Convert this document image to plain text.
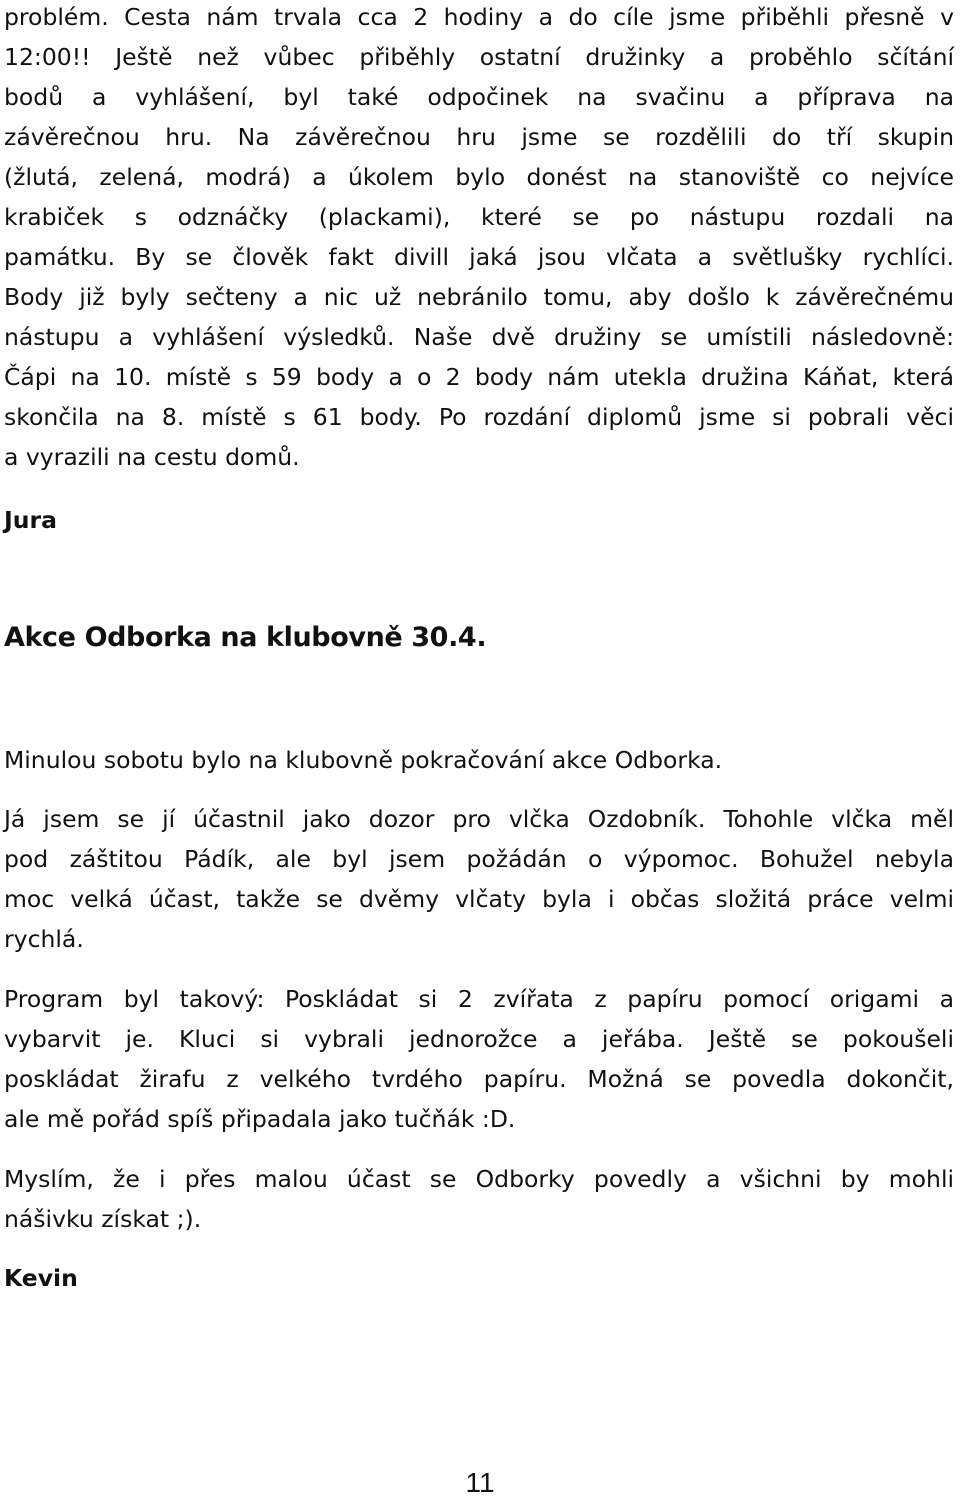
problém. Cesta nám trvala cca 2 hodiny a do cíle jsme přiběhli přesně v
12:00!! Ještě než vůbec přiběhly ostatní družinky a proběhlo sčítání
bodů a vyhlášení, byl také odpočinek na svačinu a příprava na
závěrečnou hru. Na závěrečnou hru jsme se rozdělili do tří skupin
(žlutá, zelená, modrá) a úkolem bylo donést na stanoviště co nejvíce
krabiček s odznáčky (plackami), které se po nástupu rozdali na
památku. By se člověk fakt divill jaká jsou vlčata a světlušky rychlíci.
Body již byly sečteny a nic už nebránilo tomu, aby došlo k závěrečnému
nástupu a vyhlášení výsledků. Naše dvě družiny se umístili následovně:
Čápi na 10. místě s 59 body a o 2 body nám utekla družina Káňat, která
skončila na 8. místě s 61 body. Po rozdání diplomů jsme si pobrali věci
a vyrazili na cestu domů.
Jura
Akce Odborka na klubovně 30.4.
Minulou sobotu bylo na klubovně pokračování akce Odborka.
Já jsem se jí účastnil jako dozor pro vlčka Ozdobník. Tohohle vlčka měl
pod záštitou Pádík, ale byl jsem požádán o výpomoc. Bohužel nebyla
moc velká účast, takže se dvěmy vlčaty byla i občas složitá práce velmi
rychlá.
Program byl takový: Poskládat si 2 zvířata z papíru pomocí origami a
vybarvit je. Kluci si vybrali jednorožce a jeřába. Ještě se pokoušeli
poskládat žirafu z velkého tvrdého papíru. Možná se povedla dokončit,
ale mě pořád spíš připadala jako tučňák :D.
Myslím, že i přes malou účast se Odborky povedly a všichni by mohli
nášivku získat ;).
Kevin
11
